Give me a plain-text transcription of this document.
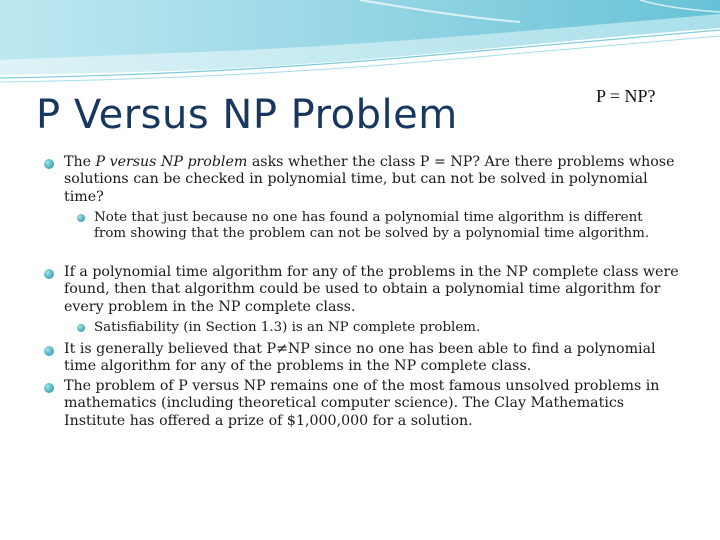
P Versus NP Problem	P = NP?
The P versus NP problem asks whether the class P = NP? Are there problems whose solutions can be checked in polynomial time, but can not be solved in polynomial time?
Note that just because no one has found a polynomial time algorithm is different from showing that the problem can not be solved by a polynomial time algorithm.
If a polynomial time algorithm for any of the problems in the NP complete class were found, then that algorithm could be used to obtain a polynomial time algorithm for every problem in the NP complete class.
Satisfiability (in Section 1.3) is an NP complete problem.
It is generally believed that P≠NP since no one has been able to find a polynomial time algorithm for any of the problems in the NP complete class.
The problem of P versus NP remains one of the most famous unsolved problems in mathematics (including theoretical computer science). The Clay Mathematics Institute has offered a prize of $1,000,000 for a solution.
